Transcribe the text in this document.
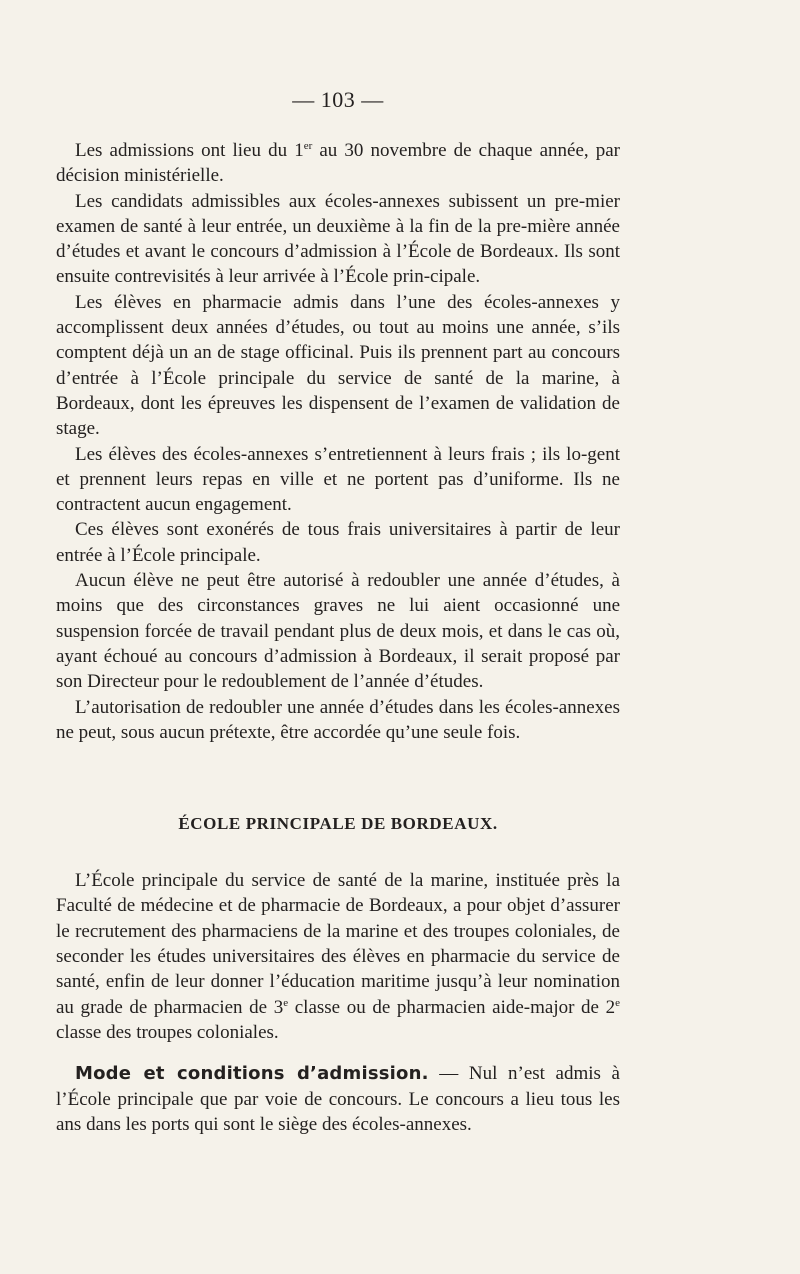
— 103 —

Les admissions ont lieu du 1er au 30 novembre de chaque année, par décision ministérielle.

Les candidats admissibles aux écoles-annexes subissent un pre-mier examen de santé à leur entrée, un deuxième à la fin de la pre-mière année d’études et avant le concours d’admission à l’École de Bordeaux. Ils sont ensuite contrevisités à leur arrivée à l’École prin-cipale.

Les élèves en pharmacie admis dans l’une des écoles-annexes y accomplissent deux années d’études, ou tout au moins une année, s’ils comptent déjà un an de stage officinal. Puis ils prennent part au concours d’entrée à l’École principale du service de santé de la marine, à Bordeaux, dont les épreuves les dispensent de l’examen de validation de stage.

Les élèves des écoles-annexes s’entretiennent à leurs frais ; ils lo-gent et prennent leurs repas en ville et ne portent pas d’uniforme. Ils ne contractent aucun engagement.

Ces élèves sont exonérés de tous frais universitaires à partir de leur entrée à l’École principale.

Aucun élève ne peut être autorisé à redoubler une année d’études, à moins que des circonstances graves ne lui aient occasionné une suspension forcée de travail pendant plus de deux mois, et dans le cas où, ayant échoué au concours d’admission à Bordeaux, il serait proposé par son Directeur pour le redoublement de l’année d’études.

L’autorisation de redoubler une année d’études dans les écoles-annexes ne peut, sous aucun prétexte, être accordée qu’une seule fois.

ÉCOLE PRINCIPALE DE BORDEAUX.

L’École principale du service de santé de la marine, instituée près la Faculté de médecine et de pharmacie de Bordeaux, a pour objet d’assurer le recrutement des pharmaciens de la marine et des troupes coloniales, de seconder les études universitaires des élèves en pharmacie du service de santé, enfin de leur donner l’éducation maritime jusqu’à leur nomination au grade de pharmacien de 3e classe ou de pharmacien aide-major de 2e classe des troupes coloniales.

Mode et conditions d’admission. — Nul n’est admis à l’École principale que par voie de concours. Le concours a lieu tous les ans dans les ports qui sont le siège des écoles-annexes.
